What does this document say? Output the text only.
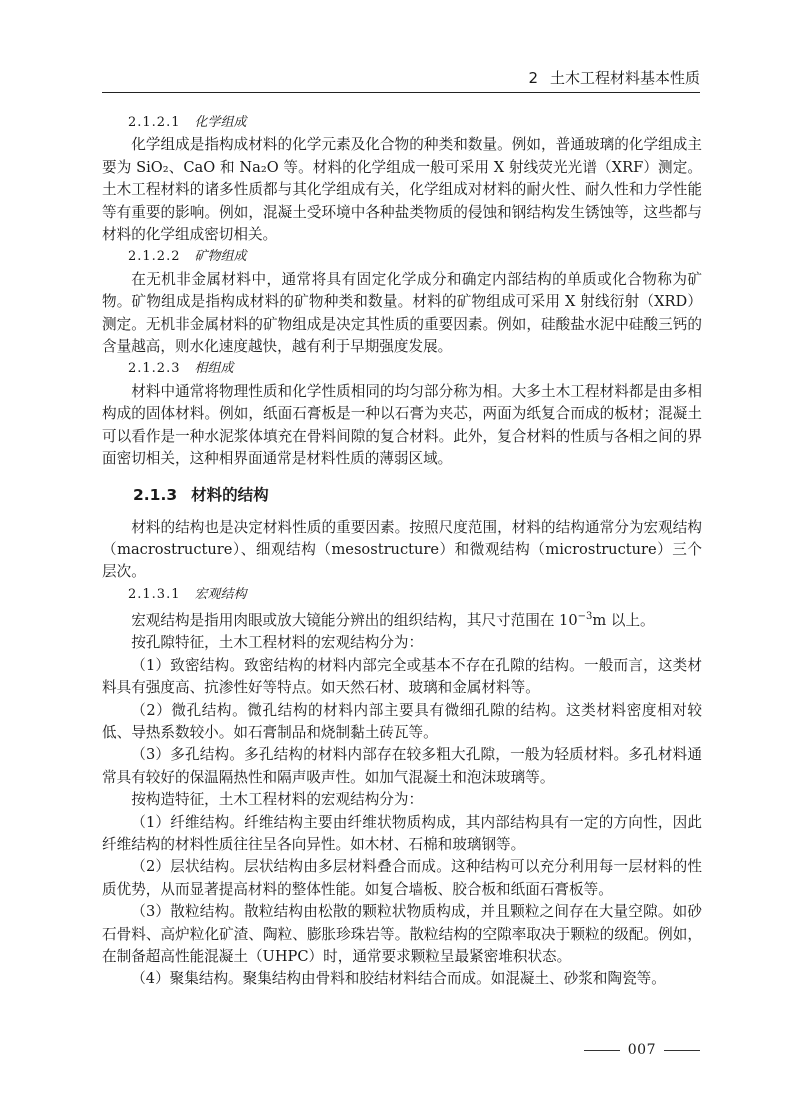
2 土木工程材料基本性质

2.1.2.1 化学组成

化学组成是指构成材料的化学元素及化合物的种类和数量。例如，普通玻璃的化学组成主要为 SiO₂、CaO 和 Na₂O 等。材料的化学组成一般可采用 X 射线荧光光谱（XRF）测定。土木工程材料的诸多性质都与其化学组成有关，化学组成对材料的耐火性、耐久性和力学性能等有重要的影响。例如，混凝土受环境中各种盐类物质的侵蚀和钢结构发生锈蚀等，这些都与材料的化学组成密切相关。

2.1.2.2 矿物组成

在无机非金属材料中，通常将具有固定化学成分和确定内部结构的单质或化合物称为矿物。矿物组成是指构成材料的矿物种类和数量。材料的矿物组成可采用 X 射线衍射（XRD）测定。无机非金属材料的矿物组成是决定其性质的重要因素。例如，硅酸盐水泥中硅酸三钙的含量越高，则水化速度越快，越有利于早期强度发展。

2.1.2.3 相组成

材料中通常将物理性质和化学性质相同的均匀部分称为相。大多土木工程材料都是由多相构成的固体材料。例如，纸面石膏板是一种以石膏为夹芯，两面为纸复合而成的板材；混凝土可以看作是一种水泥浆体填充在骨料间隙的复合材料。此外，复合材料的性质与各相之间的界面密切相关，这种相界面通常是材料性质的薄弱区域。

2.1.3 材料的结构

材料的结构也是决定材料性质的重要因素。按照尺度范围，材料的结构通常分为宏观结构（macrostructure）、细观结构（mesostructure）和微观结构（microstructure）三个层次。

2.1.3.1 宏观结构

宏观结构是指用肉眼或放大镜能分辨出的组织结构，其尺寸范围在 $10^{-3}m$ 以上。

按孔隙特征，土木工程材料的宏观结构分为：

（1）致密结构。致密结构的材料内部完全或基本不存在孔隙的结构。一般而言，这类材料具有强度高、抗渗性好等特点。如天然石材、玻璃和金属材料等。

（2）微孔结构。微孔结构的材料内部主要具有微细孔隙的结构。这类材料密度相对较低、导热系数较小。如石膏制品和烧制黏土砖瓦等。

（3）多孔结构。多孔结构的材料内部存在较多粗大孔隙，一般为轻质材料。多孔材料通常具有较好的保温隔热性和隔声吸声性。如加气混凝土和泡沫玻璃等。

按构造特征，土木工程材料的宏观结构分为：

（1）纤维结构。纤维结构主要由纤维状物质构成，其内部结构具有一定的方向性，因此纤维结构的材料性质往往呈各向异性。如木材、石棉和玻璃钢等。

（2）层状结构。层状结构由多层材料叠合而成。这种结构可以充分利用每一层材料的性质优势，从而显著提高材料的整体性能。如复合墙板、胶合板和纸面石膏板等。

（3）散粒结构。散粒结构由松散的颗粒状物质构成，并且颗粒之间存在大量空隙。如砂石骨料、高炉粒化矿渣、陶粒、膨胀珍珠岩等。散粒结构的空隙率取决于颗粒的级配。例如，在制备超高性能混凝土（UHPC）时，通常要求颗粒呈最紧密堆积状态。

（4）聚集结构。聚集结构由骨料和胶结材料结合而成。如混凝土、砂浆和陶瓷等。

007
